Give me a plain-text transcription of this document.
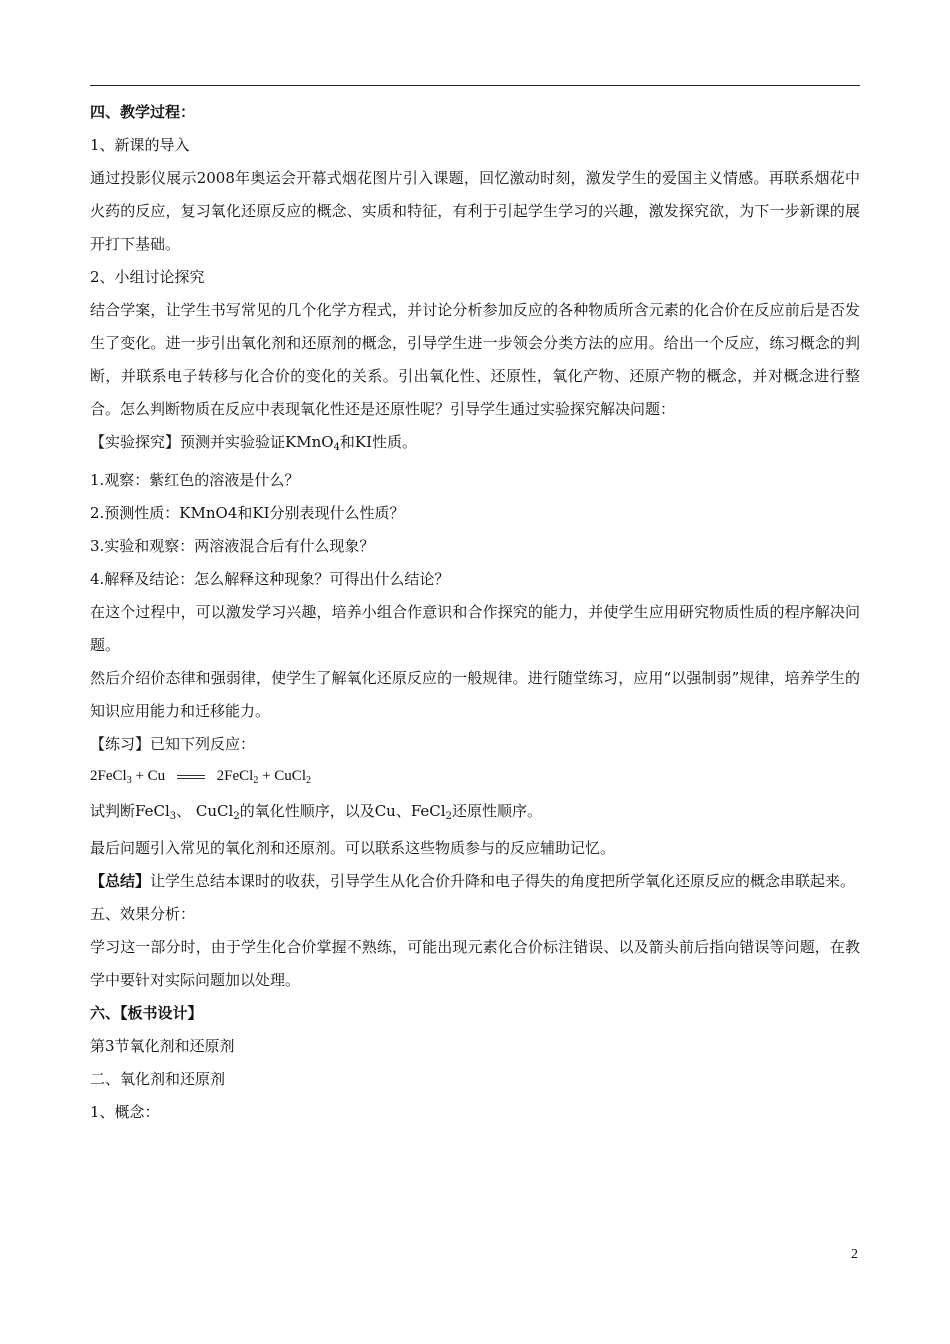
四、教学过程：

1、新课的导入

通过投影仪展示2008年奥运会开幕式烟花图片引入课题，回忆激动时刻，激发学生的爱国主义情感。再联系烟花中火药的反应，复习氧化还原反应的概念、实质和特征，有利于引起学生学习的兴趣，激发探究欲，为下一步新课的展开打下基础。

2、小组讨论探究

结合学案，让学生书写常见的几个化学方程式，并讨论分析参加反应的各种物质所含元素的化合价在反应前后是否发生了变化。进一步引出氧化剂和还原剂的概念，引导学生进一步领会分类方法的应用。给出一个反应，练习概念的判断，并联系电子转移与化合价的变化的关系。引出氧化性、还原性，氧化产物、还原产物的概念，并对概念进行整合。怎么判断物质在反应中表现氧化性还是还原性呢？引导学生通过实验探究解决问题：

【实验探究】预测并实验验证KMnO$_4$和KI性质。

1.观察：紫红色的溶液是什么？

2.预测性质：KMnO4和KI分别表现什么性质？

3.实验和观察：两溶液混合后有什么现象？

4.解释及结论：怎么解释这种现象？可得出什么结论？

在这个过程中，可以激发学习兴趣，培养小组合作意识和合作探究的能力，并使学生应用研究物质性质的程序解决问题。

然后介绍价态律和强弱律，使学生了解氧化还原反应的一般规律。进行随堂练习，应用“以强制弱”规律，培养学生的知识应用能力和迁移能力。

【练习】已知下列反应：

2FeCl3 + Cu	2FeCl2 + CuCl2

试判断FeCl$_3$、 CuCl$_2$的氧化性顺序，以及Cu、FeCl$_2$还原性顺序。

最后问题引入常见的氧化剂和还原剂。可以联系这些物质参与的反应辅助记忆。

【总结】让学生总结本课时的收获，引导学生从化合价升降和电子得失的角度把所学氧化还原反应的概念串联起来。

五、效果分析：

学习这一部分时，由于学生化合价掌握不熟练，可能出现元素化合价标注错误、以及箭头前后指向错误等问题，在教学中要针对实际问题加以处理。

六、【板书设计】

第3节氧化剂和还原剂

二、氧化剂和还原剂

1、概念：

2
